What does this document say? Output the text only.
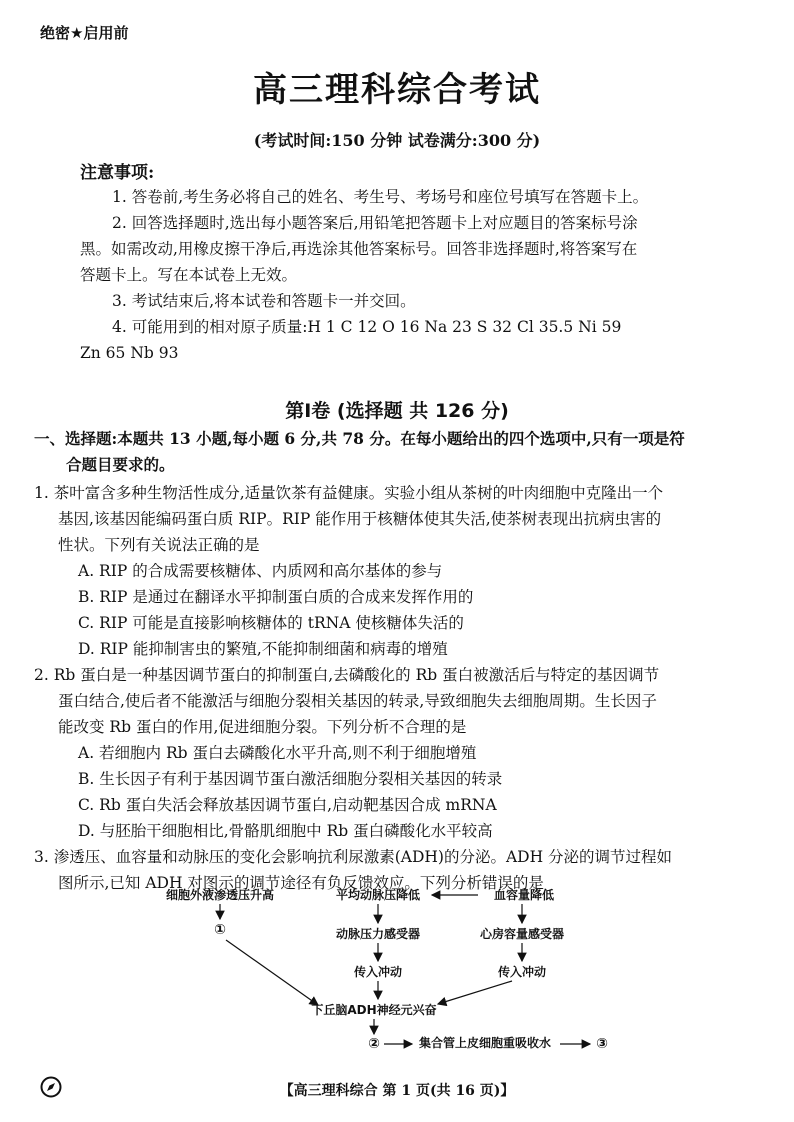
绝密★启用前
高三理科综合考试
(考试时间:150 分钟 试卷满分:300 分)
注意事项:
1. 答卷前,考生务必将自己的姓名、考生号、考场号和座位号填写在答题卡上。
2. 回答选择题时,选出每小题答案后,用铅笔把答题卡上对应题目的答案标号涂
黑。如需改动,用橡皮擦干净后,再选涂其他答案标号。回答非选择题时,将答案写在
答题卡上。写在本试卷上无效。
3. 考试结束后,将本试卷和答题卡一并交回。
4. 可能用到的相对原子质量:H 1 C 12 O 16 Na 23 S 32 Cl 35.5 Ni 59
Zn 65 Nb 93
第Ⅰ卷 (选择题 共 126 分)
一、选择题:本题共 13 小题,每小题 6 分,共 78 分。在每小题给出的四个选项中,只有一项是符
合题目要求的。
1. 茶叶富含多种生物活性成分,适量饮茶有益健康。实验小组从茶树的叶肉细胞中克隆出一个
基因,该基因能编码蛋白质 RIP。RIP 能作用于核糖体使其失活,使茶树表现出抗病虫害的
性状。下列有关说法正确的是
A. RIP 的合成需要核糖体、内质网和高尔基体的参与
B. RIP 是通过在翻译水平抑制蛋白质的合成来发挥作用的
C. RIP 可能是直接影响核糖体的 tRNA 使核糖体失活的
D. RIP 能抑制害虫的繁殖,不能抑制细菌和病毒的增殖
2. Rb 蛋白是一种基因调节蛋白的抑制蛋白,去磷酸化的 Rb 蛋白被激活后与特定的基因调节
蛋白结合,使后者不能激活与细胞分裂相关基因的转录,导致细胞失去细胞周期。生长因子
能改变 Rb 蛋白的作用,促进细胞分裂。下列分析不合理的是
A. 若细胞内 Rb 蛋白去磷酸化水平升高,则不利于细胞增殖
B. 生长因子有利于基因调节蛋白激活细胞分裂相关基因的转录
C. Rb 蛋白失活会释放基因调节蛋白,启动靶基因合成 mRNA
D. 与胚胎干细胞相比,骨骼肌细胞中 Rb 蛋白磷酸化水平较高
3. 渗透压、血容量和动脉压的变化会影响抗利尿激素(ADH)的分泌。ADH 分泌的调节过程如
图所示,已知 ADH 对图示的调节途径有负反馈效应。下列分析错误的是
细胞外液渗透压升高	平均动脉压降低	血容量降低
①	动脉压力感受器	心房容量感受器
传入冲动	传入冲动
下丘脑ADH神经元兴奋
②	集合管上皮细胞重吸收水	③
【高三理科综合 第 1 页(共 16 页)】
